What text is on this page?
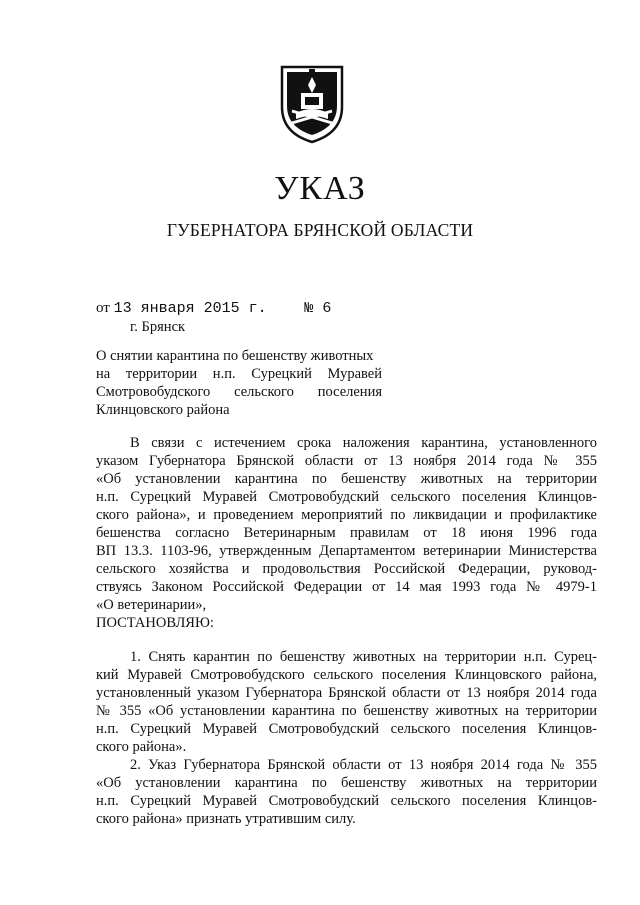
УКАЗ
ГУБЕРНАТОРА БРЯНСКОЙ ОБЛАСТИ
от 13 января 2015 г.	№ 6
г. Брянск
О снятии карантина по бешенству животных
на территории н.п. Сурецкий Муравей
Смотровобудского сельского поселения
Клинцовского района
В связи с истечением срока наложения карантина, установленного
указом Губернатора Брянской области от 13 ноября 2014 года № 355
«Об установлении карантина по бешенству животных на территории
н.п. Сурецкий Муравей Смотровобудский сельского поселения Клинцов-
ского района», и проведением мероприятий по ликвидации и профилактике
бешенства согласно Ветеринарным правилам от 18 июня 1996 года
ВП 13.3. 1103-96, утвержденным Департаментом ветеринарии Министерства
сельского хозяйства и продовольствия Российской Федерации, руковод-
ствуясь Законом Российской Федерации от 14 мая 1993 года № 4979-1
«О ветеринарии»,
ПОСТАНОВЛЯЮ:
1. Снять карантин по бешенству животных на территории н.п. Сурец-
кий Муравей Смотровобудского сельского поселения Клинцовского района,
установленный указом Губернатора Брянской области от 13 ноября 2014 года
№ 355 «Об установлении карантина по бешенству животных на территории
н.п. Сурецкий Муравей Смотровобудский сельского поселения Клинцов-
ского района».
2. Указ Губернатора Брянской области от 13 ноября 2014 года № 355
«Об установлении карантина по бешенству животных на территории
н.п. Сурецкий Муравей Смотровобудский сельского поселения Клинцов-
ского района» признать утратившим силу.
